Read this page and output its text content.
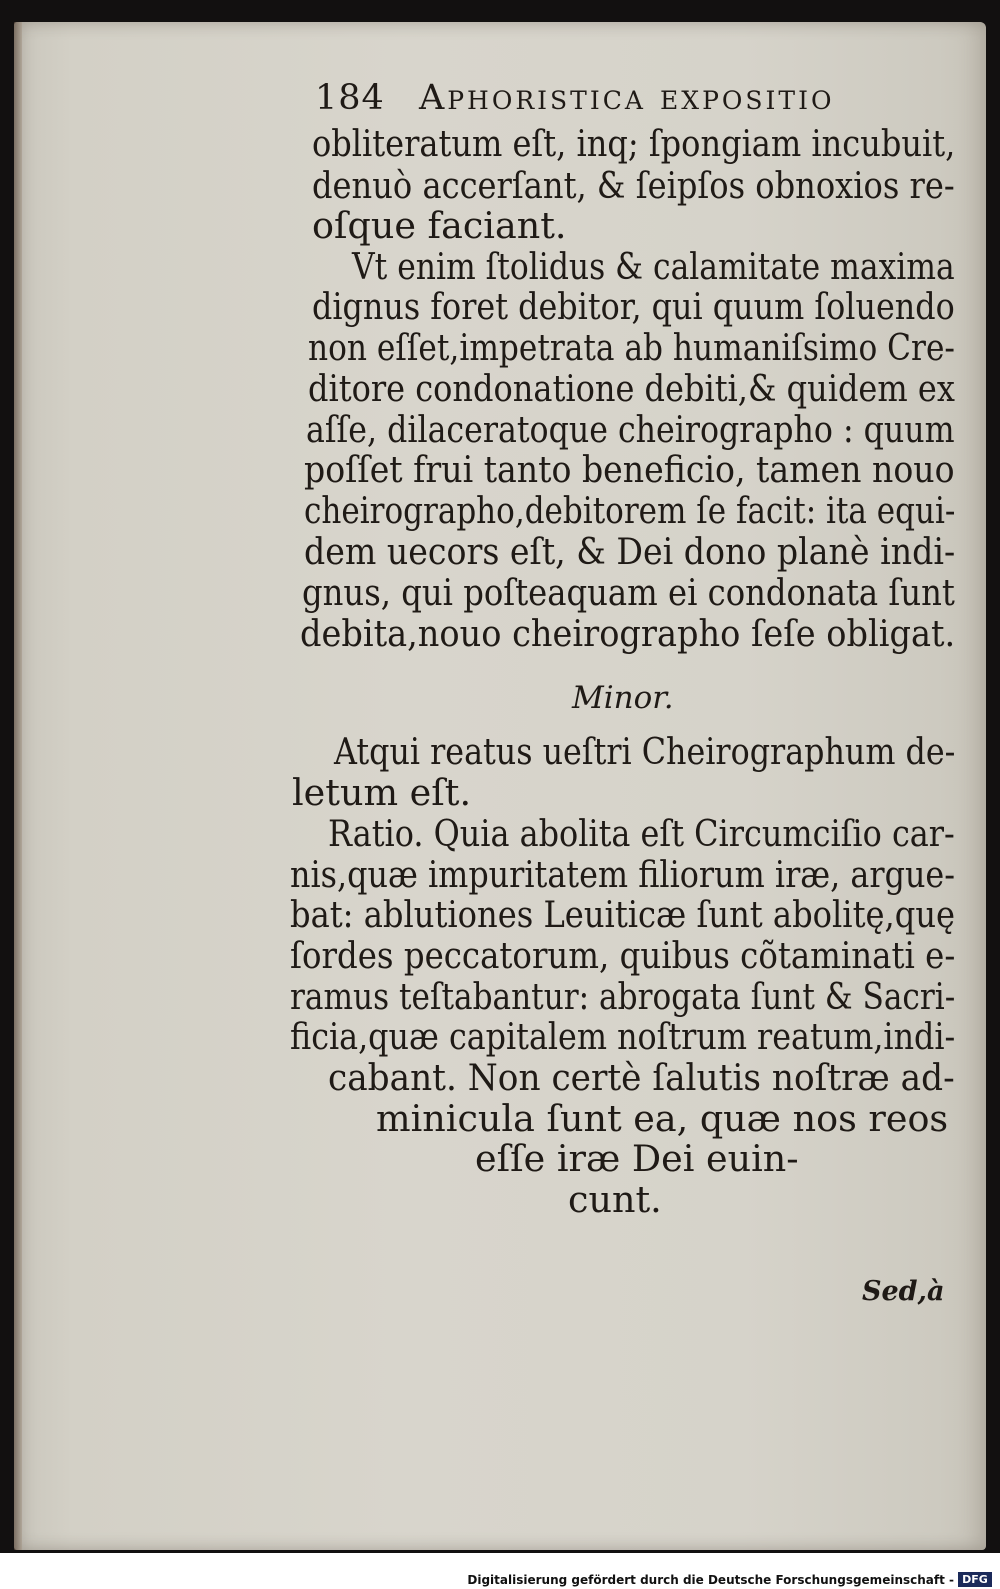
184 Aphoristica expositio
obliteratum eſt, inq; ſpongiam incubuit,
denuò accerſant, & ſeipſos obnoxios re-
oſque faciant.
Vt enim ſtolidus & calamitate maxima
dignus foret debitor, qui quum ſoluendo
non eſſet,impetrata ab humaniſsimo Cre-
ditore condonatione debiti,& quidem ex
aſſe, dilaceratoque cheirographo : quum
poſſet frui tanto beneficio, tamen nouo
cheirographo,debitorem ſe facit: ita equi-
dem uecors eſt, & Dei dono planè indi-
gnus, qui poſteaquam ei condonata ſunt
debita,nouo cheirographo ſeſe obligat.
Minor.
Atqui reatus ueſtri Cheirographum de-
letum eſt.
Ratio. Quia abolita eſt Circumciſio car-
nis,quæ impuritatem filiorum iræ, argue-
bat: ablutiones Leuiticæ ſunt abolitę,quę
ſordes peccatorum, quibus cõtaminati e-
ramus teſtabantur: abrogata ſunt & Sacri-
ficia,quæ capitalem noſtrum reatum,indi-
cabant. Non certè ſalutis noſtræ ad-
minicula ſunt ea, quæ nos reos
eſſe iræ Dei euin-
cunt.
Sed,à
Digitalisierung gefördert durch die Deutsche Forschungsgemeinschaft - DFG
